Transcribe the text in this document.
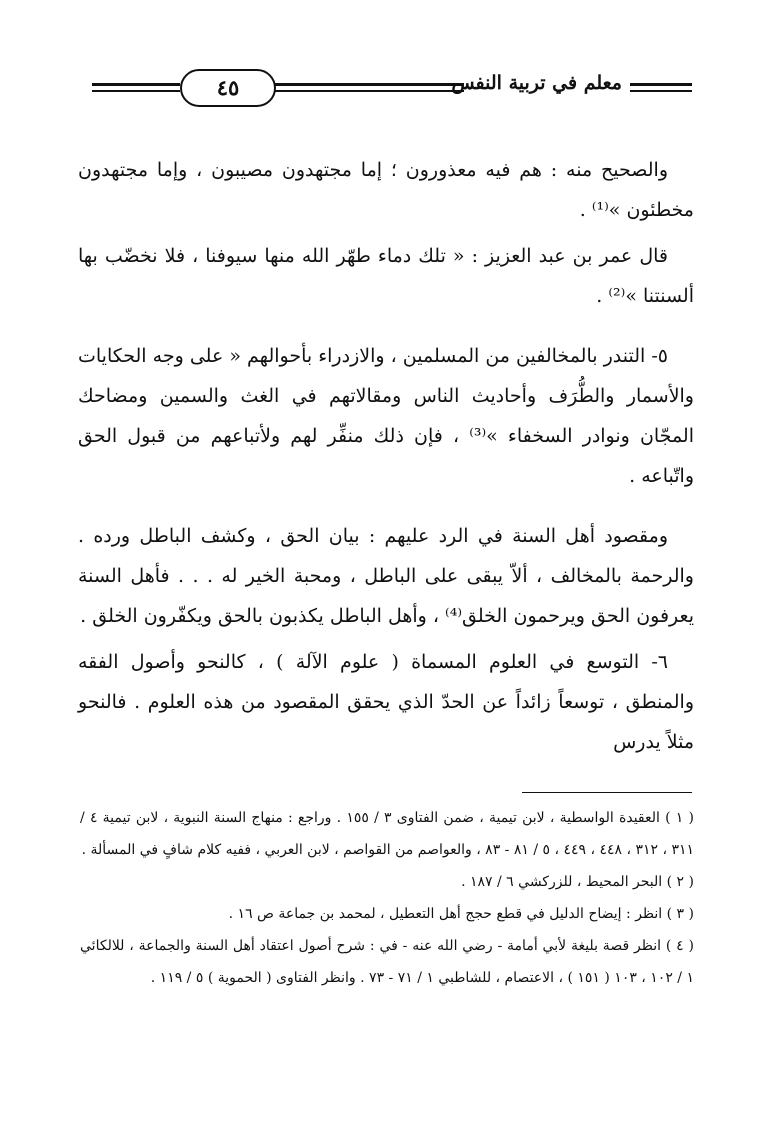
٤٥	معلم في تربية النفس

والصحيح منه : هم فيه معذورون ؛ إما مجتهدون مصيبون ، وإما مجتهدون مخطئون »⁽¹⁾ .

قال عمر بن عبد العزيز : « تلك دماء طهّر الله منها سيوفنا ، فلا نخضّب بها ألسنتنا »⁽²⁾ .

٥- التندر بالمخالفين من المسلمين ، والازدراء بأحوالهم « على وجه الحكايات والأسمار والطُّرَف وأحاديث الناس ومقالاتهم في الغث والسمين ومضاحك المجّان ونوادر السخفاء »⁽³⁾ ، فإن ذلك منفِّر لهم ولأتباعهم من قبول الحق واتّباعه .

ومقصود أهل السنة في الرد عليهم : بيان الحق ، وكشف الباطل ورده . والرحمة بالمخالف ، ألاّ يبقى على الباطل ، ومحبة الخير له . . . فأهل السنة يعرفون الحق ويرحمون الخلق⁽⁴⁾ ، وأهل الباطل يكذبون بالحق ويكفّرون الخلق .

٦- التوسع في العلوم المسماة ( علوم الآلة ) ، كالنحو وأصول الفقه والمنطق ، توسعاً زائداً عن الحدّ الذي يحقق المقصود من هذه العلوم . فالنحو مثلاً يدرس

( ١ ) العقيدة الواسطية ، لابن تيمية ، ضمن الفتاوى ٣ / ١٥٥ . وراجع : منهاج السنة النبوية ، لابن تيمية ٤ / ٣١١ ، ٣١٢ ، ٤٤٨ ، ٤٤٩ ، ٥ / ٨١ - ٨٣ ، والعواصم من القواصم ، لابن العربي ، ففيه كلام شافٍ في المسألة .

( ٢ ) البحر المحيط ، للزركشي ٦ / ١٨٧ .

( ٣ ) انظر : إيضاح الدليل في قطع حجج أهل التعطيل ، لمحمد بن جماعة ص ١٦ .

( ٤ ) انظر قصة بليغة لأبي أمامة - رضي الله عنه - في : شرح أصول اعتقاد أهل السنة والجماعة ، للالكائي ١ / ١٠٢ ، ١٠٣ ( ١٥١ ) ، الاعتصام ، للشاطبي ١ / ٧١ - ٧٣ . وانظر الفتاوى ( الحموية ) ٥ / ١١٩ .
